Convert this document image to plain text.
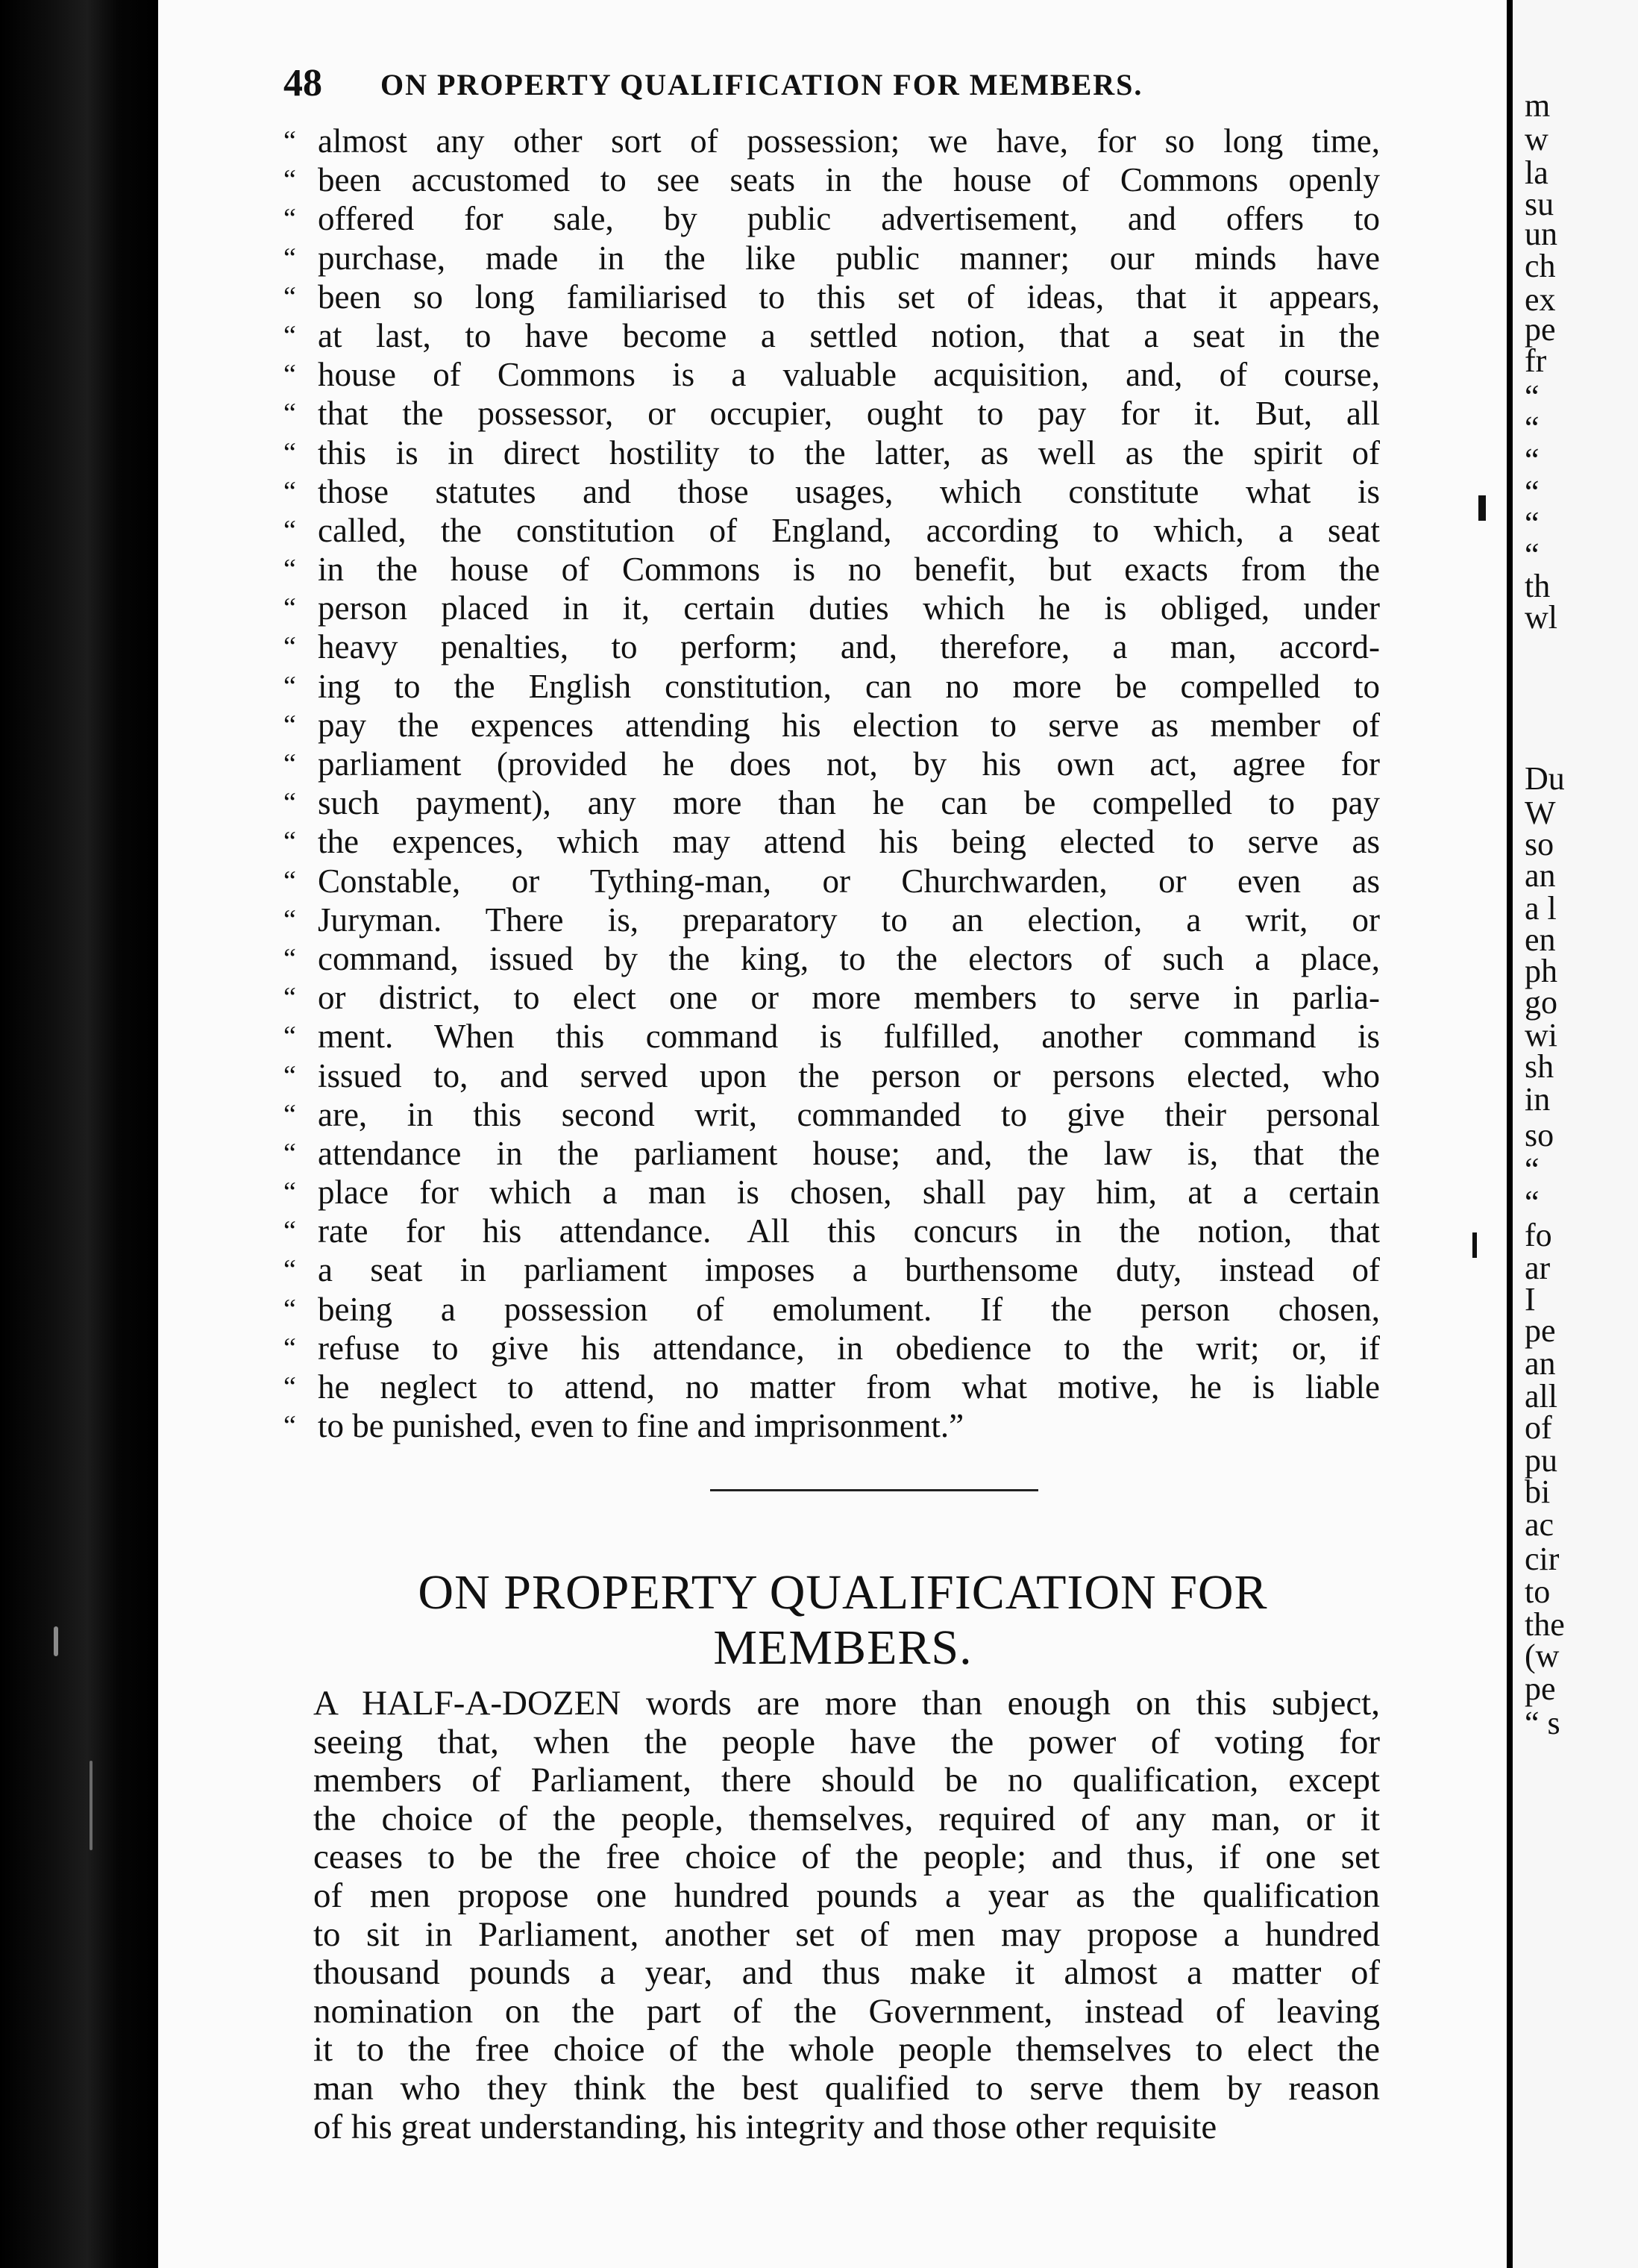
48 ON PROPERTY QUALIFICATION FOR MEMBERS.
“ almost any other sort of possession; we have, for so long time,
“ been accustomed to see seats in the house of Commons openly
“ offered for sale, by public advertisement, and offers to
“ purchase, made in the like public manner; our minds have
“ been so long familiarised to this set of ideas, that it appears,
“ at last, to have become a settled notion, that a seat in the
“ house of Commons is a valuable acquisition, and, of course,
“ that the possessor, or occupier, ought to pay for it. But, all
“ this is in direct hostility to the latter, as well as the spirit of
“ those statutes and those usages, which constitute what is
“ called, the constitution of England, according to which, a seat
“ in the house of Commons is no benefit, but exacts from the
“ person placed in it, certain duties which he is obliged, under
“ heavy penalties, to perform; and, therefore, a man, accord-
“ ing to the English constitution, can no more be compelled to
“ pay the expences attending his election to serve as member of
“ parliament (provided he does not, by his own act, agree for
“ such payment), any more than he can be compelled to pay
“ the expences, which may attend his being elected to serve as
“ Constable, or Tything-man, or Churchwarden, or even as
“ Juryman. There is, preparatory to an election, a writ, or
“ command, issued by the king, to the electors of such a place,
“ or district, to elect one or more members to serve in parlia-
“ ment. When this command is fulfilled, another command is
“ issued to, and served upon the person or persons elected, who
“ are, in this second writ, commanded to give their personal
“ attendance in the parliament house; and, the law is, that the
“ place for which a man is chosen, shall pay him, at a certain
“ rate for his attendance. All this concurs in the notion, that
“ a seat in parliament imposes a burthensome duty, instead of
“ being a possession of emolument. If the person chosen,
“ refuse to give his attendance, in obedience to the writ; or, if
“ he neglect to attend, no matter from what motive, he is liable
“ to be punished, even to fine and imprisonment.”
ON PROPERTY QUALIFICATION FOR
MEMBERS.
A HALF-A-DOZEN words are more than enough on this subject,
seeing that, when the people have the power of voting for
members of Parliament, there should be no qualification, except
the choice of the people, themselves, required of any man, or it
ceases to be the free choice of the people; and thus, if one set
of men propose one hundred pounds a year as the qualification
to sit in Parliament, another set of men may propose a hundred
thousand pounds a year, and thus make it almost a matter of
nomination on the part of the Government, instead of leaving
it to the free choice of the whole people themselves to elect the
man who they think the best qualified to serve them by reason
of his great understanding, his integrity and those other requisite
m
w
la
su
un
ch
ex
pe
fr
“
“
“
“
“
“
th
wl
Du
W
so
an
a l
en
ph
go
wi
sh
in
so
“
“
fo
ar
I
pe
an
all
of
pu
bi
ac
cir
to
the
(w
pe
“ s
